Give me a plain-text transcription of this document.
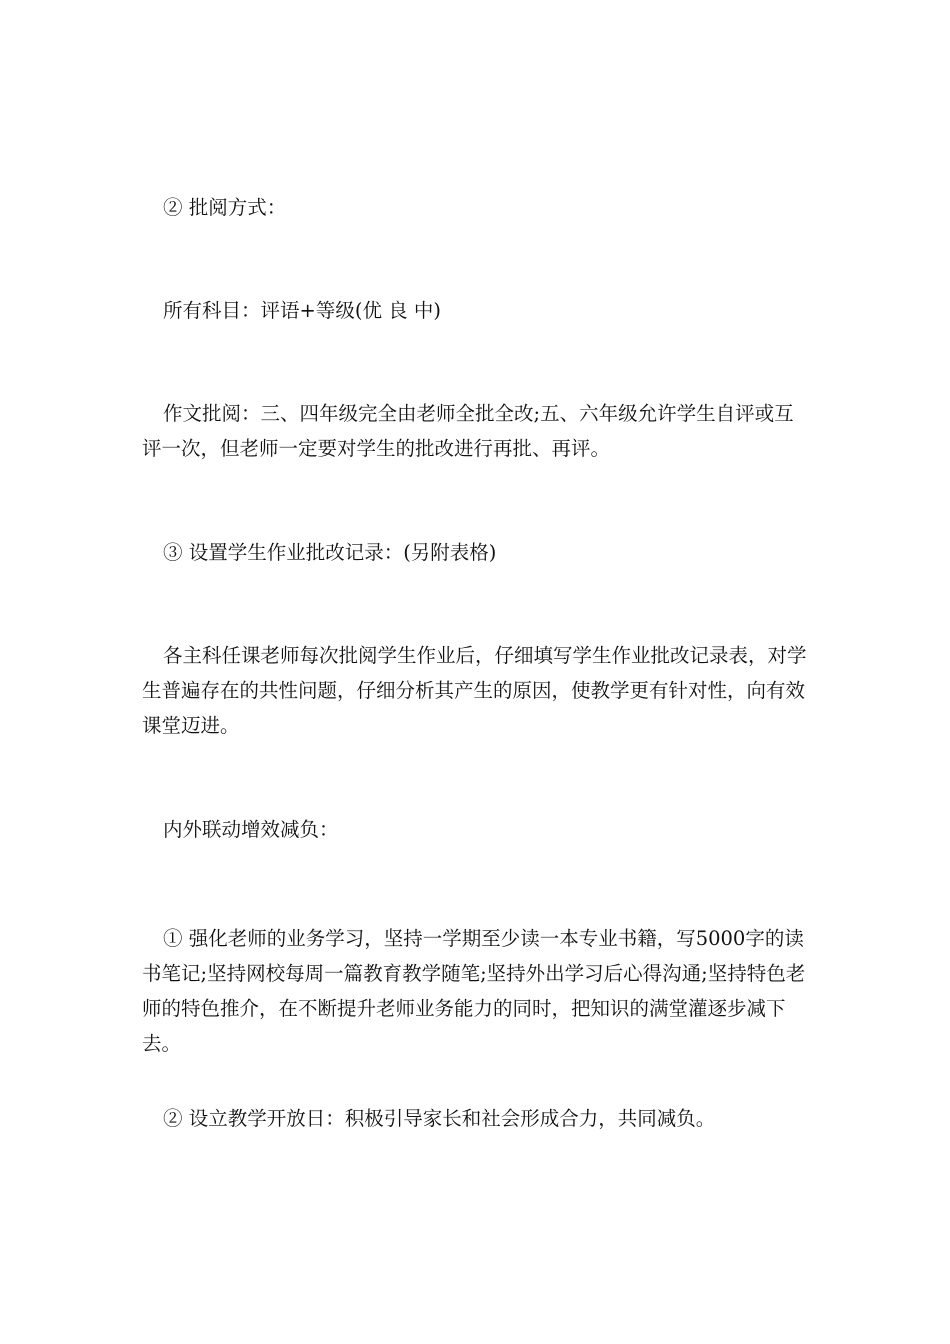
② 批阅方式：

所有科目：评语+等级(优 良 中)

作文批阅：三、四年级完全由老师全批全改;五、六年级允许学生自评或互评一次，但老师一定要对学生的批改进行再批、再评。

③ 设置学生作业批改记录：(另附表格)

各主科任课老师每次批阅学生作业后，仔细填写学生作业批改记录表，对学生普遍存在的共性问题，仔细分析其产生的原因，使教学更有针对性，向有效课堂迈进。

内外联动增效减负：

① 强化老师的业务学习，坚持一学期至少读一本专业书籍，写5000字的读书笔记;坚持网校每周一篇教育教学随笔;坚持外出学习后心得沟通;坚持特色老师的特色推介，在不断提升老师业务能力的同时，把知识的满堂灌逐步减下去。

② 设立教学开放日：积极引导家长和社会形成合力，共同减负。
